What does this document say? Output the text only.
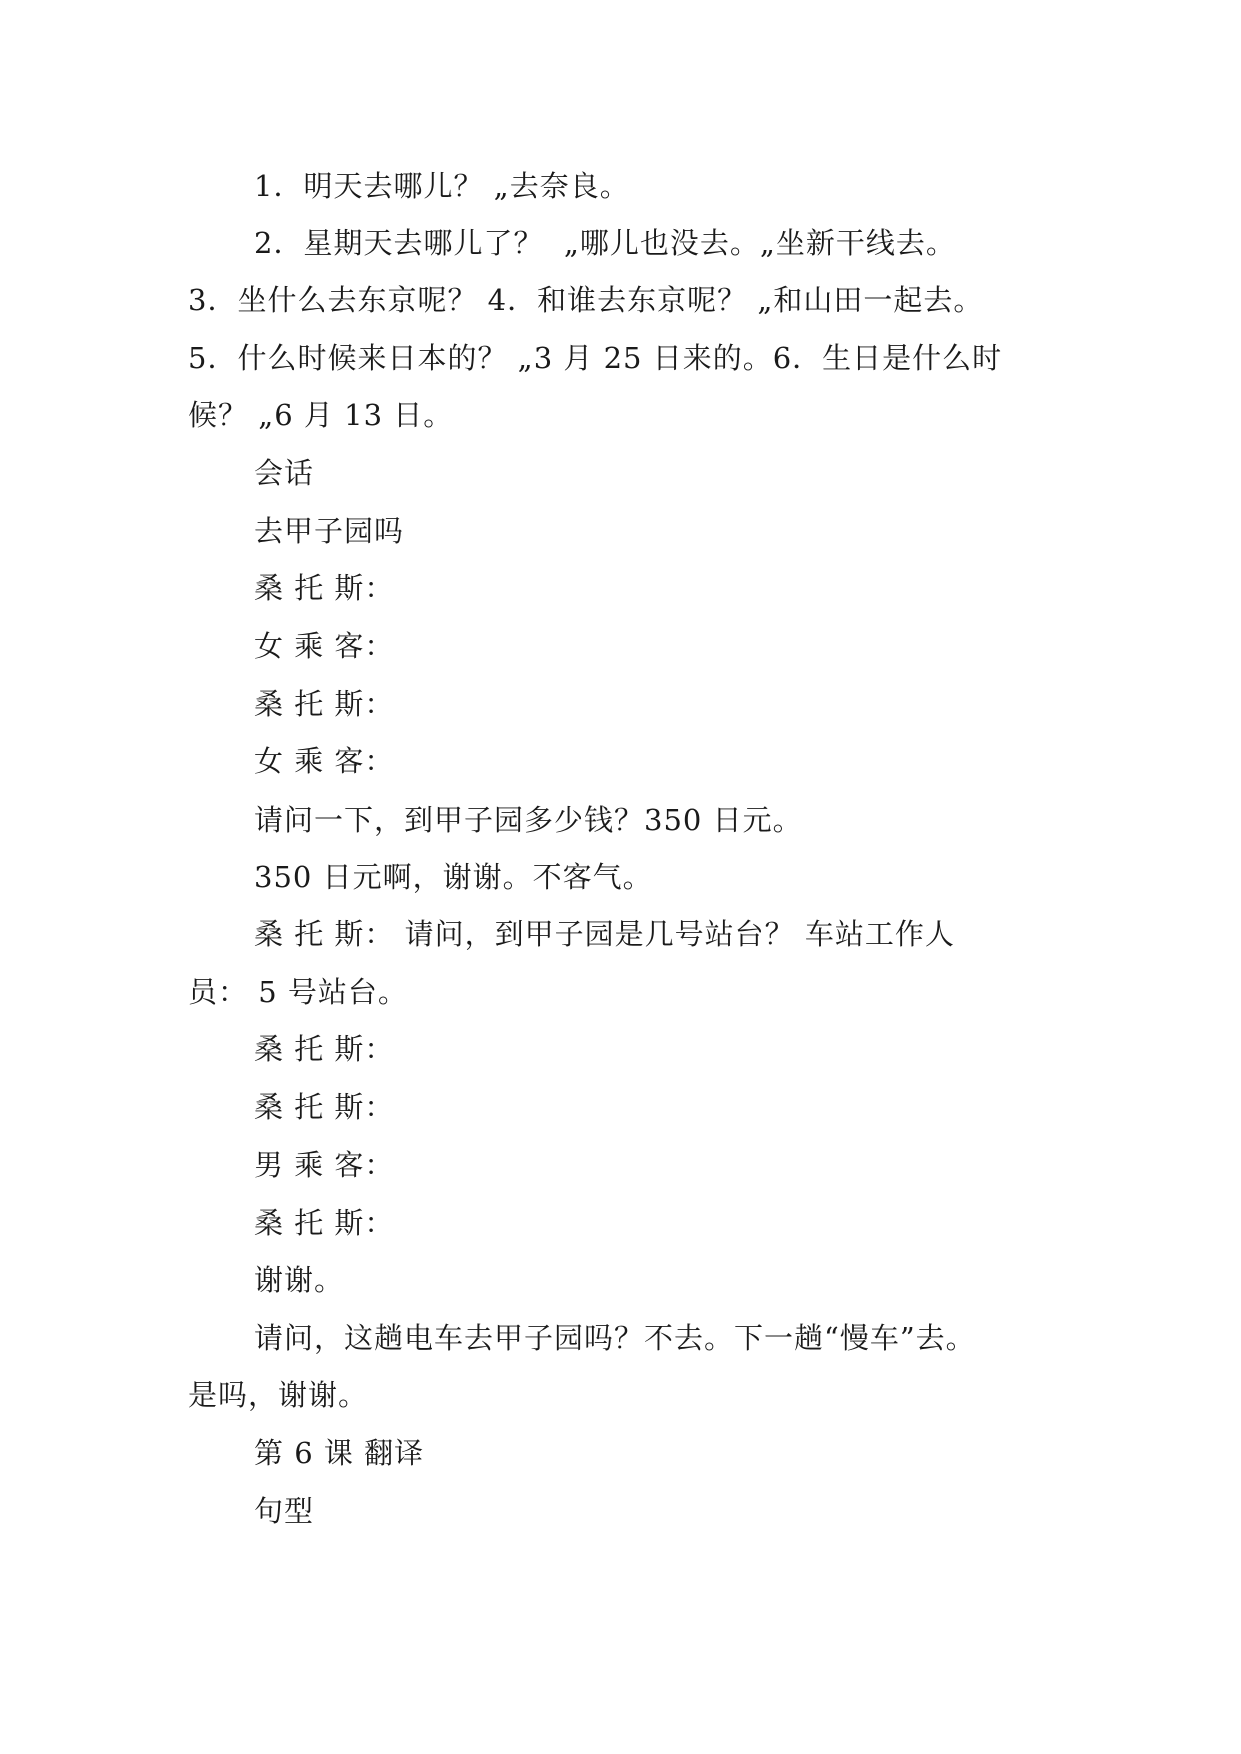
1．明天去哪儿？ „去奈良。
2．星期天去哪儿了？  „哪儿也没去。„坐新干线去。
3．坐什么去东京呢？ 4．和谁去东京呢？ „和山田一起去。
5．什么时候来日本的？ „3 月 25 日来的。6．生日是什么时
候？ „6 月 13 日。
会话
去甲子园吗
桑 托 斯：
女 乘 客：
桑 托 斯：
女 乘 客：
请问一下，到甲子园多少钱？350 日元。
350 日元啊，谢谢。不客气。
桑 托 斯： 请问，到甲子园是几号站台？ 车站工作人
员： 5 号站台。
桑 托 斯：
桑 托 斯：
男 乘 客：
桑 托 斯：
谢谢。
请问，这趟电车去甲子园吗？不去。下一趟“慢车”去。
是吗，谢谢。
第 6 课 翻译
句型
